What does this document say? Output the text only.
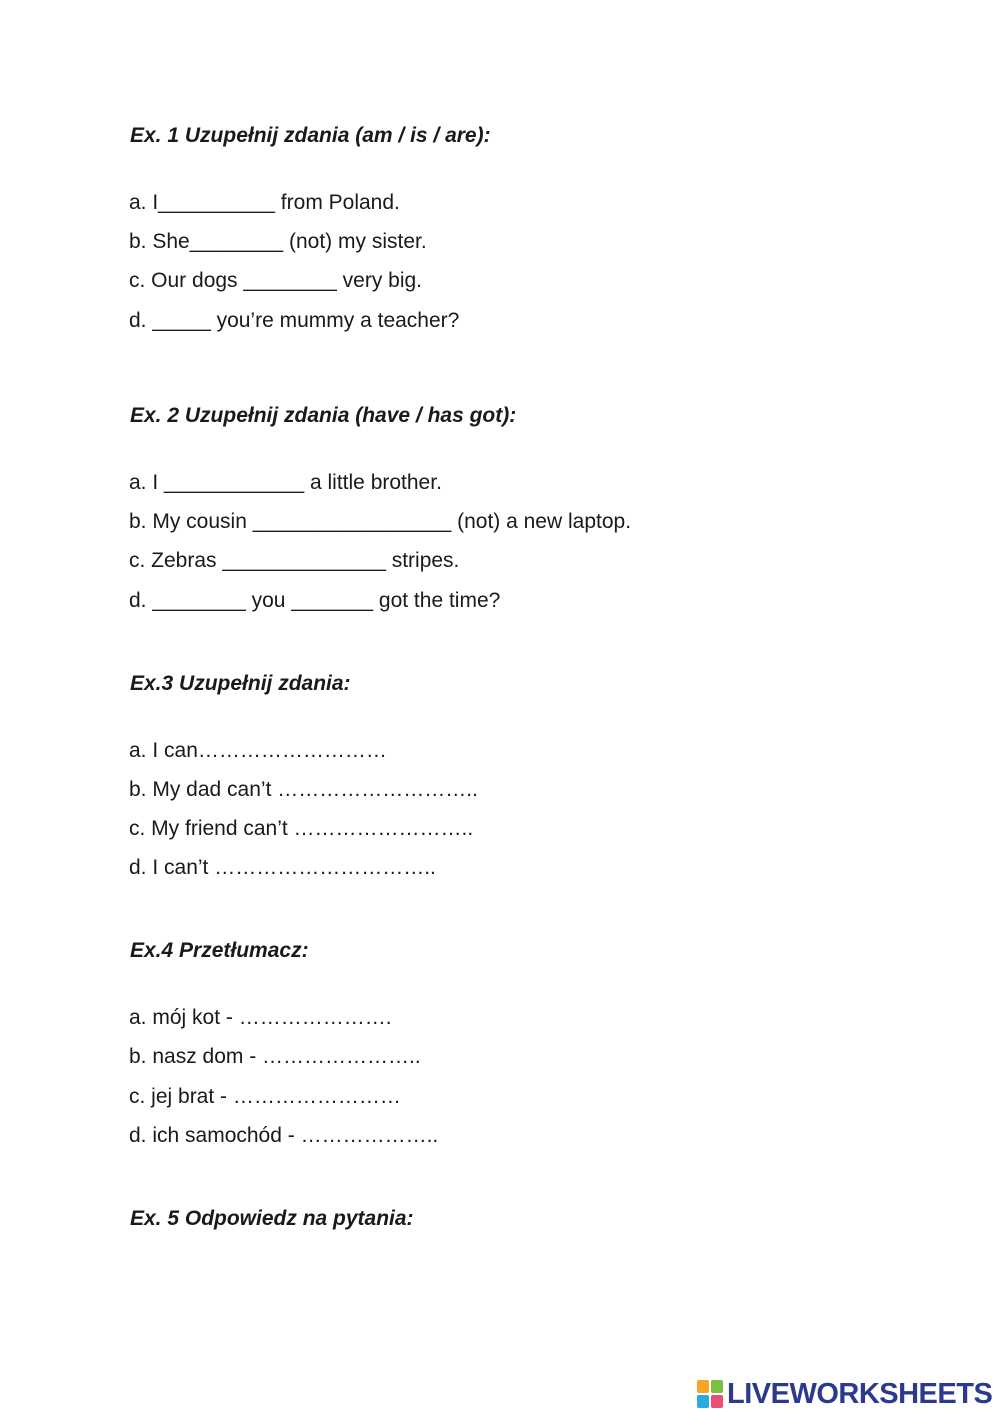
Ex. 1 Uzupełnij zdania (am / is / are):

a. I__________ from Poland.

b. She________ (not) my sister.

c. Our dogs ________ very big.

d. _____ you’re mummy a teacher?

Ex. 2 Uzupełnij zdania (have / has got):

a. I ____________ a little brother.

b. My cousin _________________ (not) a new laptop.

c. Zebras ______________ stripes.

d. ________ you _______ got the time?

Ex.3 Uzupełnij zdania:

a. I can………………………

b. My dad can’t ………………………..

c. My friend can’t ……………………..

d. I can’t …………………………..

Ex.4 Przetłumacz:

a. mój kot - ………………….

b. nasz dom - …………………..

c. jej brat - ……………………

d. ich samochód - ………………..

Ex. 5 Odpowiedz na pytania:

LIVEWORKSHEETS
